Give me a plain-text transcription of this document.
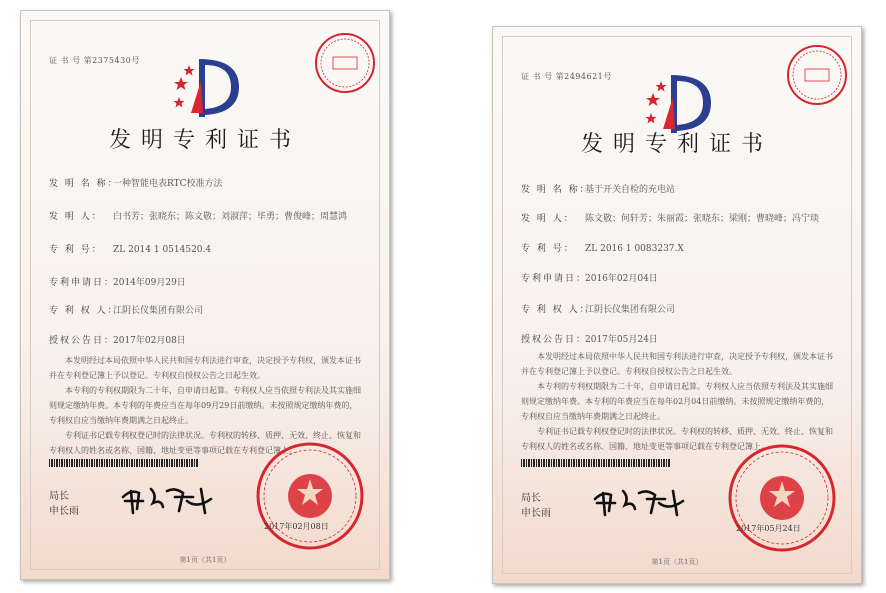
证 书 号 第2375430号
发明专利证书
发 明 名 称：一种智能电表RTC校准方法
发 明 人： 白书芳；张晓东；陈文敬；刘淑萍；毕勇；曹俊峰；周慧鸿
专 利 号： ZL 2014 1 0514520.4
专利申请日：2014年09月29日
专 利 权 人：江阴长仪集团有限公司
授权公告日：2017年02月08日

本发明经过本局依照中华人民共和国专利法进行审查，决定授予专利权，颁发本证书并在专利登记簿上予以登记。专利权自授权公告之日起生效。

本专利的专利权期限为二十年，自申请日起算。专利权人应当依照专利法及其实施细则规定缴纳年费。本专利的年费应当在每年09月29日前缴纳。未按照规定缴纳年费的，专利权自应当缴纳年费期满之日起终止。

专利证书记载专利权登记时的法律状况。专利权的转移、质押、无效、终止、恢复和专利权人的姓名或名称、国籍、地址变更等事项记载在专利登记簿上。

局长
申长雨
2017年02月08日
第1页（共1页）
证 书 号 第2494621号
发明专利证书
发 明 名 称：基于开关自检的充电站
发 明 人： 陈文敬；何轩芳；朱丽霞；张晓东；梁刚；曹晓峰；冯宁琰
专 利 号： ZL 2016 1 0083237.X
专利申请日：2016年02月04日
专 利 权 人：江阴长仪集团有限公司
授权公告日：2017年05月24日

本发明经过本局依照中华人民共和国专利法进行审查，决定授予专利权，颁发本证书并在专利登记簿上予以登记。专利权自授权公告之日起生效。

本专利的专利权期限为二十年，自申请日起算。专利权人应当依照专利法及其实施细则规定缴纳年费。本专利的年费应当在每年02月04日前缴纳。未按照规定缴纳年费的，专利权自应当缴纳年费期满之日起终止。

专利证书记载专利权登记时的法律状况。专利权的转移、质押、无效、终止、恢复和专利权人的姓名或名称、国籍、地址变更等事项记载在专利登记簿上。

局长
申长雨
2017年05月24日
第1页（共1页）
